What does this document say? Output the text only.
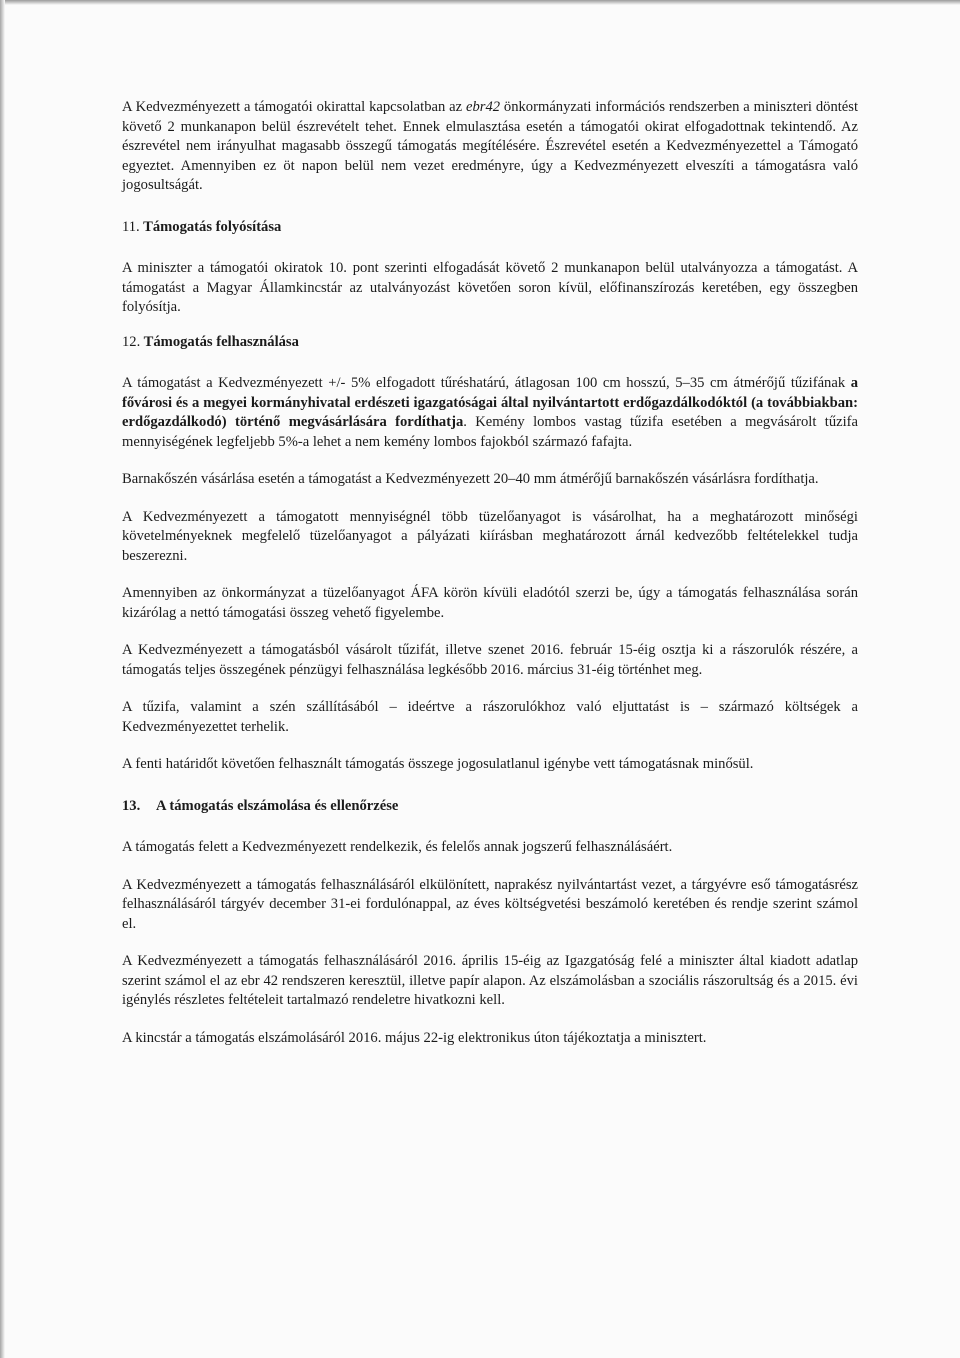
A Kedvezményezett a támogatói okirattal kapcsolatban az ebr42 önkormányzati információs rendszerben a miniszteri döntést követő 2 munkanapon belül észrevételt tehet. Ennek elmulasztása esetén a támogatói okirat elfogadottnak tekintendő. Az észrevétel nem irányulhat magasabb összegű támogatás megítélésére. Észrevétel esetén a Kedvezményezettel a Támogató egyeztet. Amennyiben ez öt napon belül nem vezet eredményre, úgy a Kedvezményezett elveszíti a támogatásra való jogosultságát.

11. Támogatás folyósítása

A miniszter a támogatói okiratok 10. pont szerinti elfogadását követő 2 munkanapon belül utalványozza a támogatást. A támogatást a Magyar Államkincstár az utalványozást követően soron kívül, előfinanszírozás keretében, egy összegben folyósítja.

12. Támogatás felhasználása

A támogatást a Kedvezményezett +/- 5% elfogadott tűréshatárú, átlagosan 100 cm hosszú, 5–35 cm átmérőjű tűzifának a fővárosi és a megyei kormányhivatal erdészeti igazgatóságai által nyilvántartott erdőgazdálkodóktól (a továbbiakban: erdőgazdálkodó) történő megvásárlására fordíthatja. Kemény lombos vastag tűzifa esetében a megvásárolt tűzifa mennyiségének legfeljebb 5%-a lehet a nem kemény lombos fajokból származó fafajta.

Barnakőszén vásárlása esetén a támogatást a Kedvezményezett 20–40 mm átmérőjű barnakőszén vásárlásra fordíthatja.

A Kedvezményezett a támogatott mennyiségnél több tüzelőanyagot is vásárolhat, ha a meghatározott minőségi követelményeknek megfelelő tüzelőanyagot a pályázati kiírásban meghatározott árnál kedvezőbb feltételekkel tudja beszerezni.

Amennyiben az önkormányzat a tüzelőanyagot ÁFA körön kívüli eladótól szerzi be, úgy a támogatás felhasználása során kizárólag a nettó támogatási összeg vehető figyelembe.

A Kedvezményezett a támogatásból vásárolt tűzifát, illetve szenet 2016. február 15-éig osztja ki a rászorulók részére, a támogatás teljes összegének pénzügyi felhasználása legkésőbb 2016. március 31-éig történhet meg.

A tűzifa, valamint a szén szállításából – ideértve a rászorulókhoz való eljuttatást is – származó költségek a Kedvezményezettet terhelik.

A fenti határidőt követően felhasznált támogatás összege jogosulatlanul igénybe vett támogatásnak minősül.

13. A támogatás elszámolása és ellenőrzése

A támogatás felett a Kedvezményezett rendelkezik, és felelős annak jogszerű felhasználásáért.

A Kedvezményezett a támogatás felhasználásáról elkülönített, naprakész nyilvántartást vezet, a tárgyévre eső támogatásrész felhasználásáról tárgyév december 31-ei fordulónappal, az éves költségvetési beszámoló keretében és rendje szerint számol el.

A Kedvezményezett a támogatás felhasználásáról 2016. április 15-éig az Igazgatóság felé a miniszter által kiadott adatlap szerint számol el az ebr 42 rendszeren keresztül, illetve papír alapon. Az elszámolásban a szociális rászorultság és a 2015. évi igénylés részletes feltételeit tartalmazó rendeletre hivatkozni kell.

A kincstár a támogatás elszámolásáról 2016. május 22-ig elektronikus úton tájékoztatja a minisztert.
